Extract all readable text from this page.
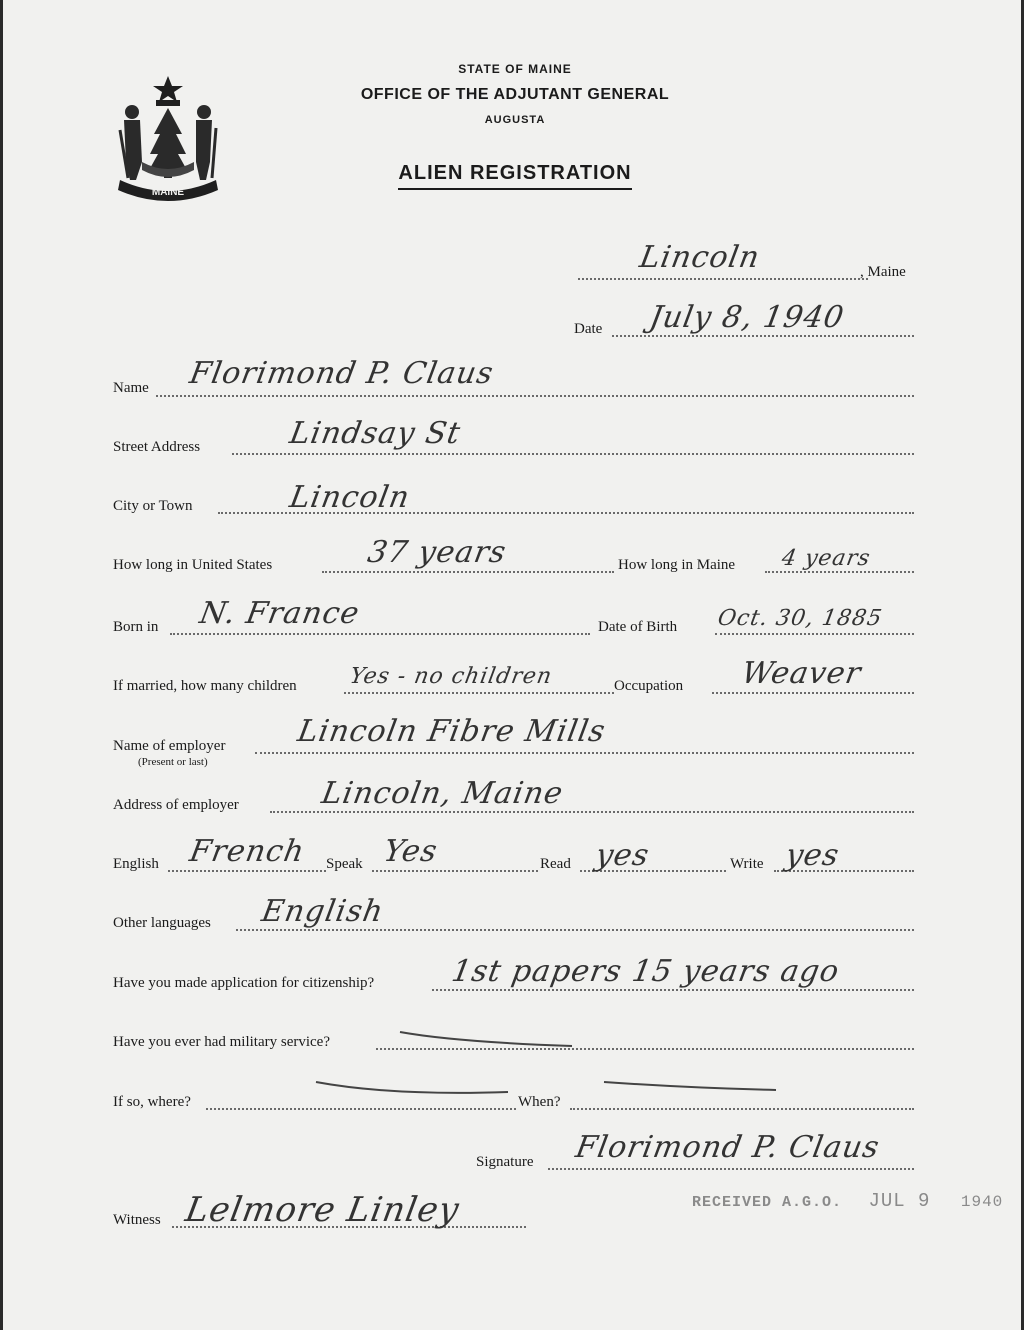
MAINE
STATE OF MAINE
OFFICE OF THE ADJUTANT GENERAL
AUGUSTA
ALIEN REGISTRATION
Lincoln	, Maine
Date July 8, 1940
Name Florimond P. Claus
Street Address	Lindsay St
City or Town	Lincoln
How long in United States	37 years	How long in Maine 4 years
Born in N. France	Date of Birth Oct. 30, 1885
If married, how many children Yes - no children	Occupation Weaver
Name of employer
(Present or last)
Lincoln Fibre Mills
Address of employer	Lincoln, Maine
English French Speak Yes	Read yes	Write yes
Other languages English
Have you made application for citizenship? 1st papers 15 years ago
Have you ever had military service?
If so, where?	When?
Signature Florimond P. Claus
Witness Lelmore Linley	RECEIVED A.G.O. JUL 9 1940
